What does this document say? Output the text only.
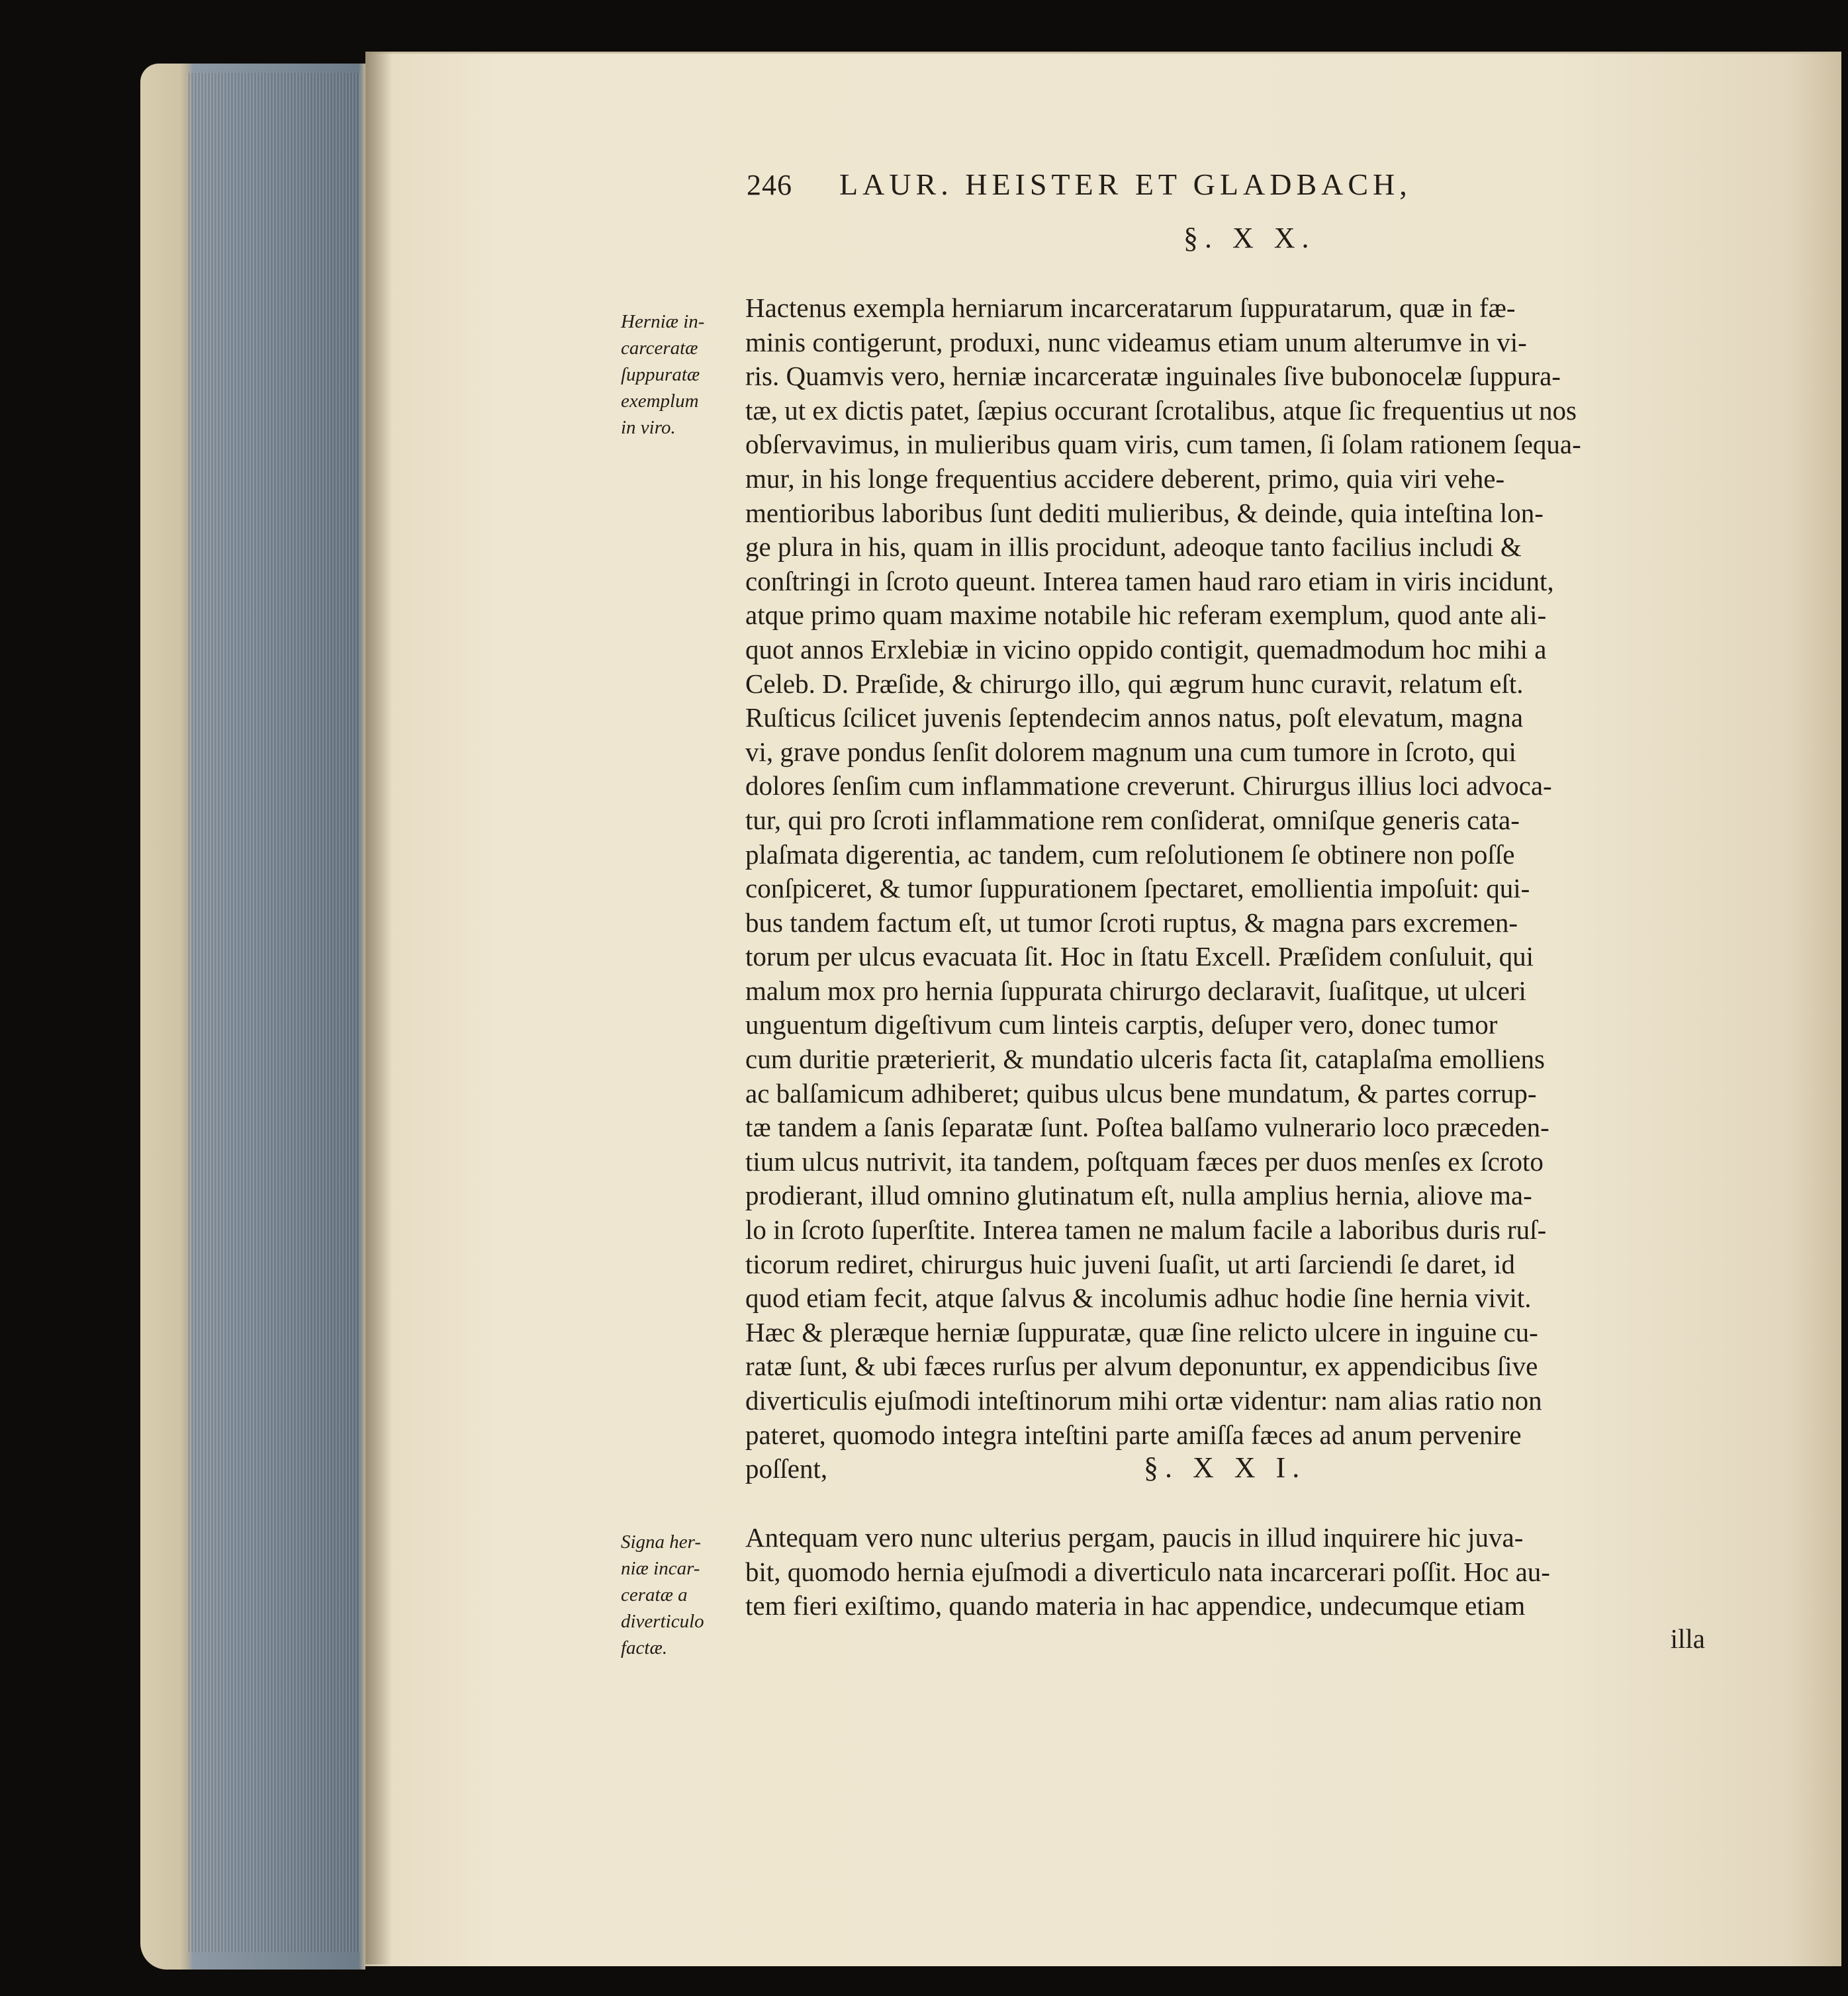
246 LAUR. HEISTER ET GLADBACH,
§. X X.
Herniæ in-
carceratæ
ſuppuratæ
exemplum
in viro.
Hactenus exempla herniarum incarceratarum ſuppuratarum, quæ in fæ-
minis contigerunt, produxi, nunc videamus etiam unum alterumve in vi-
ris. Quamvis vero, herniæ incarceratæ inguinales ſive bubonocelæ ſuppura-
tæ, ut ex dictis patet, ſæpius occurant ſcrotalibus, atque ſic frequentius ut nos
obſervavimus, in mulieribus quam viris, cum tamen, ſi ſolam rationem ſequa-
mur, in his longe frequentius accidere deberent, primo, quia viri vehe-
mentioribus laboribus ſunt dediti mulieribus, & deinde, quia inteſtina lon-
ge plura in his, quam in illis procidunt, adeoque tanto facilius includi &
conſtringi in ſcroto queunt. Interea tamen haud raro etiam in viris incidunt,
atque primo quam maxime notabile hic referam exemplum, quod ante ali-
quot annos Erxlebiæ in vicino oppido contigit, quemadmodum hoc mihi a
Celeb. D. Præſide, & chirurgo illo, qui ægrum hunc curavit, relatum eſt.
Ruſticus ſcilicet juvenis ſeptendecim annos natus, poſt elevatum, magna
vi, grave pondus ſenſit dolorem magnum una cum tumore in ſcroto, qui
dolores ſenſim cum inflammatione creverunt. Chirurgus illius loci advoca-
tur, qui pro ſcroti inflammatione rem conſiderat, omniſque generis cata-
plaſmata digerentia, ac tandem, cum reſolutionem ſe obtinere non poſſe
conſpiceret, & tumor ſuppurationem ſpectaret, emollientia impoſuit: qui-
bus tandem factum eſt, ut tumor ſcroti ruptus, & magna pars excremen-
torum per ulcus evacuata ſit. Hoc in ſtatu Excell. Præſidem conſuluit, qui
malum mox pro hernia ſuppurata chirurgo declaravit, ſuaſitque, ut ulceri
unguentum digeſtivum cum linteis carptis, deſuper vero, donec tumor
cum duritie præterierit, & mundatio ulceris facta ſit, cataplaſma emolliens
ac balſamicum adhiberet; quibus ulcus bene mundatum, & partes corrup-
tæ tandem a ſanis ſeparatæ ſunt. Poſtea balſamo vulnerario loco præceden-
tium ulcus nutrivit, ita tandem, poſtquam fæces per duos menſes ex ſcroto
prodierant, illud omnino glutinatum eſt, nulla amplius hernia, aliove ma-
lo in ſcroto ſuperſtite. Interea tamen ne malum facile a laboribus duris ruſ-
ticorum rediret, chirurgus huic juveni ſuaſit, ut arti ſarciendi ſe daret, id
quod etiam fecit, atque ſalvus & incolumis adhuc hodie ſine hernia vivit.
Hæc & pleræque herniæ ſuppuratæ, quæ ſine relicto ulcere in inguine cu-
ratæ ſunt, & ubi fæces rurſus per alvum deponuntur, ex appendicibus ſive
diverticulis ejuſmodi inteſtinorum mihi ortæ videntur: nam alias ratio non
pateret, quomodo integra inteſtini parte amiſſa fæces ad anum pervenire
poſſent,	§. X X I.
Signa her-
niæ incar-
ceratæ a
diverticulo
factæ.
Antequam vero nunc ulterius pergam, paucis in illud inquirere hic juva-
bit, quomodo hernia ejuſmodi a diverticulo nata incarcerari poſſit. Hoc au-
tem fieri exiſtimo, quando materia in hac appendice, undecumque etiam
illa
